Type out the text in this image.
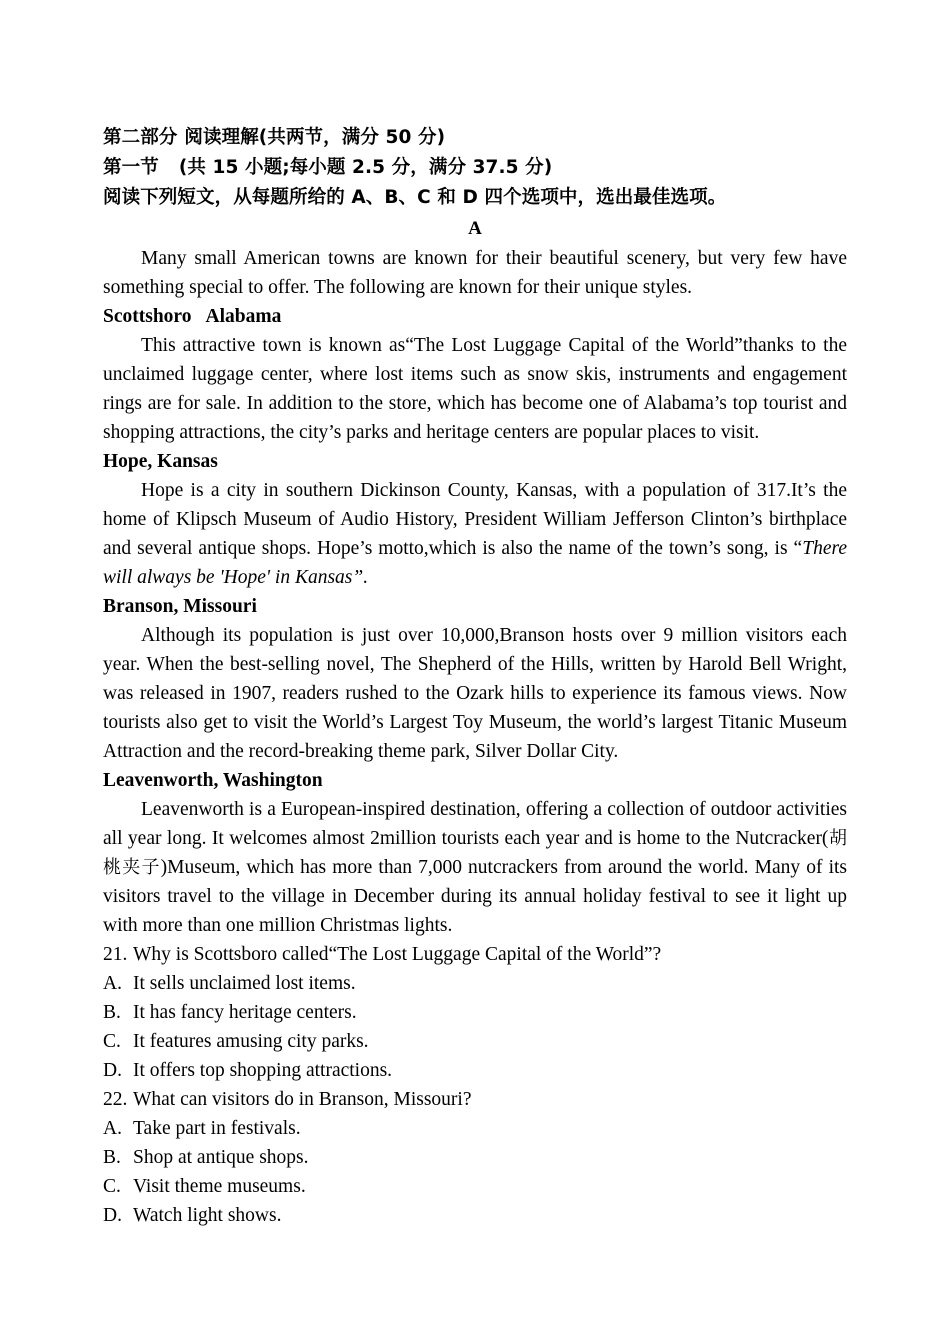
第二部分 阅读理解(共两节，满分 50 分)
第一节 (共 15 小题;每小题 2.5 分，满分 37.5 分)
阅读下列短文，从每题所给的 A、B、C 和 D 四个选项中，选出最佳选项。
A

Many small American towns are known for their beautiful scenery, but very few have something special to offer. The following are known for their unique styles.

Scottshoro Alabama

This attractive town is known as“The Lost Luggage Capital of the World”thanks to the unclaimed luggage center, where lost items such as snow skis, instruments and engagement rings are for sale. In addition to the store, which has become one of Alabama’s top tourist and shopping attractions, the city’s parks and heritage centers are popular places to visit.

Hope, Kansas

Hope is a city in southern Dickinson County, Kansas, with a population of 317.It’s the home of Klipsch Museum of Audio History, President William Jefferson Clinton’s birthplace and several antique shops. Hope’s motto,which is also the name of the town’s song, is “There will always be 'Hope' in Kansas”.

Branson, Missouri

Although its population is just over 10,000,Branson hosts over 9 million visitors each year. When the best-selling novel, The Shepherd of the Hills, written by Harold Bell Wright, was released in 1907, readers rushed to the Ozark hills to experience its famous views. Now tourists also get to visit the World’s Largest Toy Museum, the world’s largest Titanic Museum Attraction and the record-breaking theme park, Silver Dollar City.

Leavenworth, Washington

Leavenworth is a European-inspired destination, offering a collection of outdoor activities all year long. It welcomes almost 2million tourists each year and is home to the Nutcracker(胡桃夹子)Museum, which has more than 7,000 nutcrackers from around the world. Many of its visitors travel to the village in December during its annual holiday festival to see it light up with more than one million Christmas lights.

21. Why is Scottsboro called“The Lost Luggage Capital of the World”?
A. It sells unclaimed lost items.
B. It has fancy heritage centers.
C. It features amusing city parks.
D. It offers top shopping attractions.
22. What can visitors do in Branson, Missouri?
A. Take part in festivals.
B. Shop at antique shops.
C. Visit theme museums.
D. Watch light shows.
